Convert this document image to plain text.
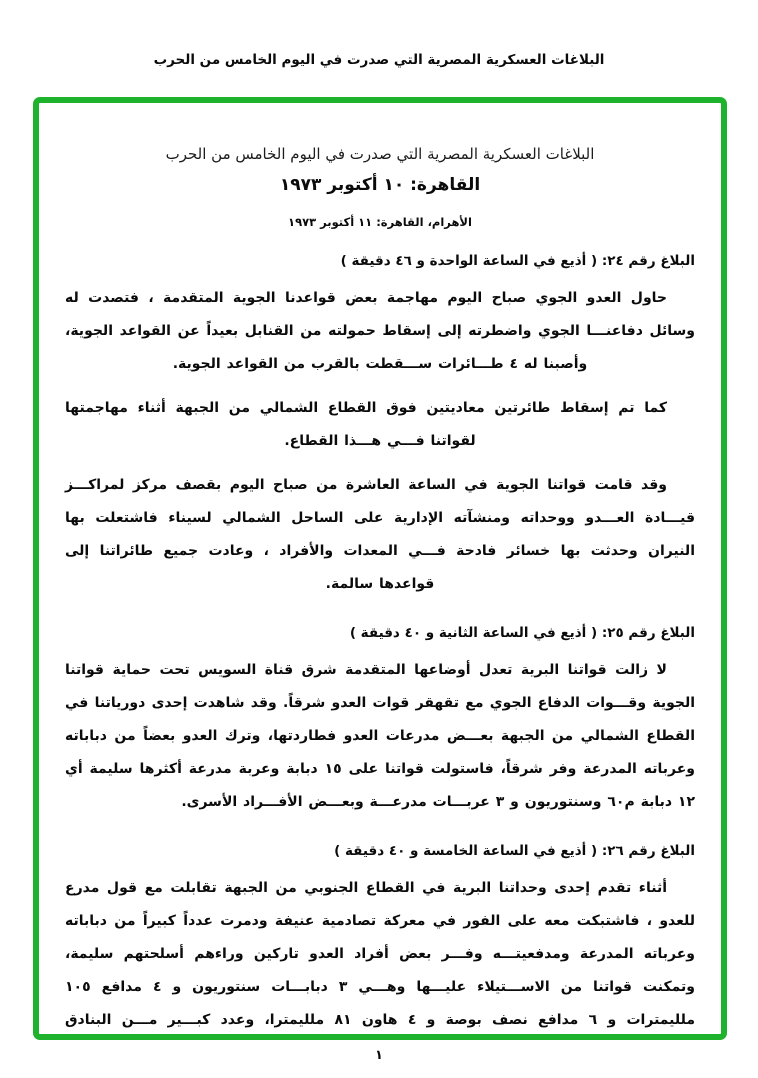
البلاغات العسكرية المصرية التي صدرت في اليوم الخامس من الحرب
البلاغات العسكرية المصرية التي صدرت في اليوم الخامس من الحرب
القاهرة: ١٠ أكتوبر ١٩٧٣
الأهرام، القاهرة: ١١ أكتوبر ١٩٧٣
البلاغ رقم ٢٤: ( أذيع في الساعة الواحدة و ٤٦ دقيقة )

حاول العدو الجوي صباح اليوم مهاجمة بعض قواعدنا الجوية المتقدمة ، فتصدت له وسائل دفاعنـــا الجوي واضطرته إلى إسقاط حمولته من القنابل بعيداً عن القواعد الجوية، وأصبنا له ٤ طـــائرات ســـقطت بالقرب من القواعد الجوية.

كما تم إسقاط طائرتين معاديتين فوق القطاع الشمالي من الجبهة أثناء مهاجمتها لقواتنا فـــي هـــذا القطاع.

وقد قامت قواتنا الجوية في الساعة العاشرة من صباح اليوم بقصف مركز لمراكـــز قيـــادة العـــدو ووحداته ومنشآته الإدارية على الساحل الشمالي لسيناء فاشتعلت بها النيران وحدثت بها خسائر فادحة فـــي المعدات والأفراد ، وعادت جميع طائراتنا إلى قواعدها سالمة.

البلاغ رقم ٢٥: ( أذيع في الساعة الثانية و ٤٠ دقيقة )

لا زالت قواتنا البرية تعدل أوضاعها المتقدمة شرق قناة السويس تحت حماية قواتنا الجوية وقـــوات الدفاع الجوي مع تقهقر قوات العدو شرقاً. وقد شاهدت إحدى دورياتنا في القطاع الشمالي من الجبهة بعـــض مدرعات العدو فطاردتها، وترك العدو بعضاً من دباباته وعرباته المدرعة وفر شرقاً، فاستولت قواتنا على ١٥ دبابة وعربة مدرعة أكثرها سليمة أي ١٢ دبابة م٦٠ وسنتوريون و ٣ عربـــات مدرعـــة وبعـــض الأفـــراد الأسرى.

البلاغ رقم ٢٦: ( أذيع في الساعة الخامسة و ٤٠ دقيقة )

أثناء تقدم إحدى وحداتنا البرية في القطاع الجنوبي من الجبهة تقابلت مع قول مدرع للعدو ، فاشتبكت معه على الفور في معركة تصادمية عنيفة ودمرت عدداً كبيراً من دباباته وعرباته المدرعة ومدفعيتـــه وفـــر بعض أفراد العدو تاركين وراءهم أسلحتهم سليمة، وتمكنت قواتنا من الاســـتيلاء عليـــها وهـــي ٣ دبابـــات سنتوريون و ٤ مدافع ١٠٥ ملليمترات و ٦ مدافع نصف بوصة و ٤ هاون ٨١ ملليمترا، وعدد كبـــير مـــن البنادق

١
